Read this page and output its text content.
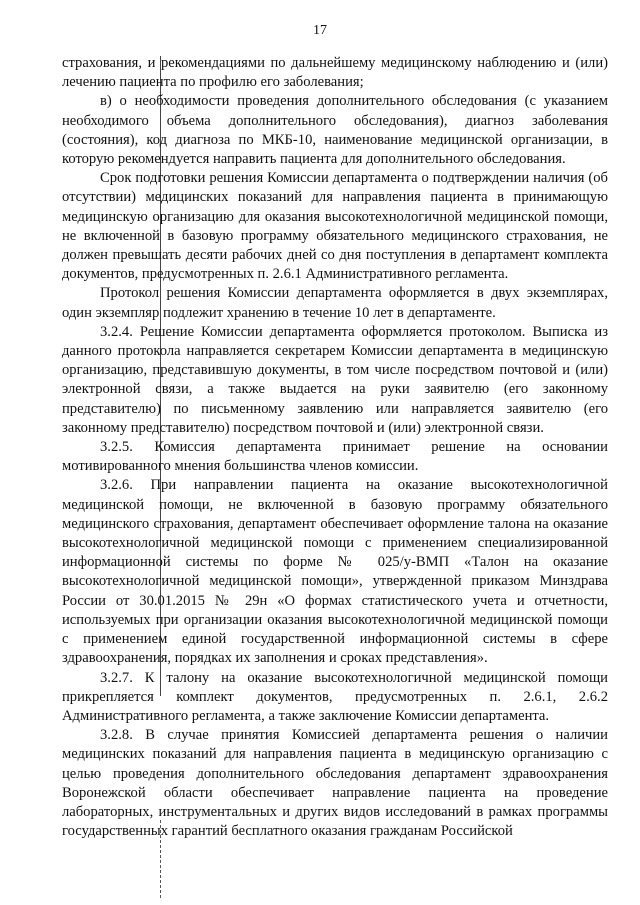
17

страхования, и рекомендациями по дальнейшему медицинскому наблюдению и (или) лечению пациента по профилю его заболевания;

в) о необходимости проведения дополнительного обследования (с указанием необходимого объема дополнительного обследования), диагноз заболевания (состояния), код диагноза по МКБ-10, наименование медицинской организации, в которую рекомендуется направить пациента для дополнительного обследования.

Срок подготовки решения Комиссии департамента о подтверждении наличия (об отсутствии) медицинских показаний для направления пациента в принимающую медицинскую организацию для оказания высокотехнологичной медицинской помощи, не включенной в базовую программу обязательного медицинского страхования, не должен превышать десяти рабочих дней со дня поступления в департамент комплекта документов, предусмотренных п. 2.6.1 Административного регламента.

Протокол решения Комиссии департамента оформляется в двух экземплярах, один экземпляр подлежит хранению в течение 10 лет в департаменте.

3.2.4. Решение Комиссии департамента оформляется протоколом. Выписка из данного протокола направляется секретарем Комиссии департамента в медицинскую организацию, представившую документы, в том числе посредством почтовой и (или) электронной связи, а также выдается на руки заявителю (его законному представителю) по письменному заявлению или направляется заявителю (его законному представителю) посредством почтовой и (или) электронной связи.

3.2.5. Комиссия департамента принимает решение на основании мотивированного мнения большинства членов комиссии.

3.2.6. При направлении пациента на оказание высокотехнологичной медицинской помощи, не включенной в базовую программу обязательного медицинского страхования, департамент обеспечивает оформление талона на оказание высокотехнологичной медицинской помощи с применением специализированной информационной системы по форме № 025/у-ВМП «Талон на оказание высокотехнологичной медицинской помощи», утвержденной приказом Минздрава России от 30.01.2015 № 29н «О формах статистического учета и отчетности, используемых при организации оказания высокотехнологичной медицинской помощи с применением единой государственной информационной системы в сфере здравоохранения, порядках их заполнения и сроках представления».

3.2.7. К талону на оказание высокотехнологичной медицинской помощи прикрепляется комплект документов, предусмотренных п. 2.6.1, 2.6.2 Административного регламента, а также заключение Комиссии департамента.

3.2.8. В случае принятия Комиссией департамента решения о наличии медицинских показаний для направления пациента в медицинскую организацию с целью проведения дополнительного обследования департамент здравоохранения Воронежской области обеспечивает направление пациента на проведение лабораторных, инструментальных и других видов исследований в рамках программы государственных гарантий бесплатного оказания гражданам Российской
